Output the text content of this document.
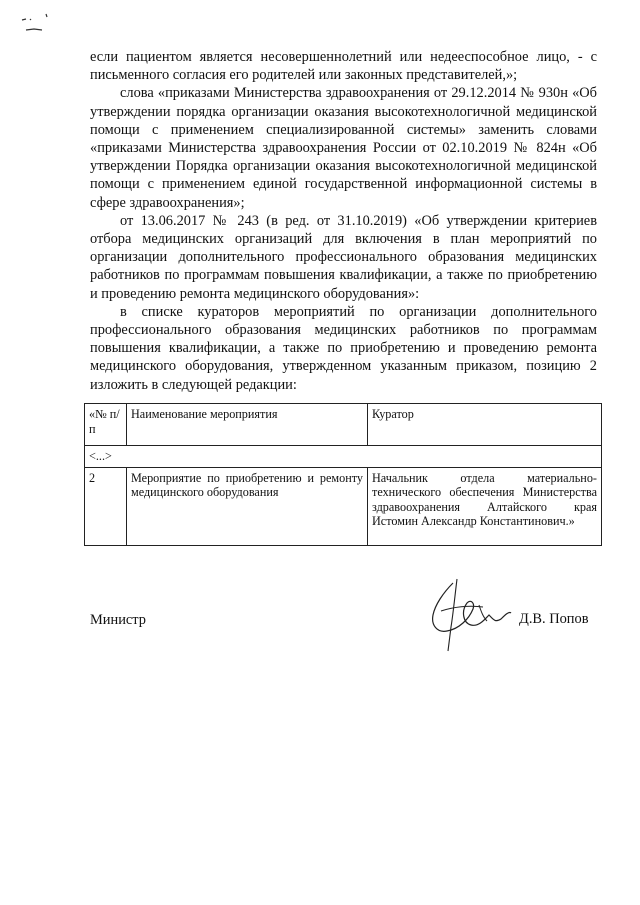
если пациентом является несовершеннолетний или недееспособное лицо, - с письменного согласия его родителей или законных представителей,»;

слова «приказами Министерства здравоохранения от 29.12.2014 № 930н «Об утверждении порядка организации оказания высокотехнологичной медицинской помощи с применением специализированной системы» заменить словами «приказами Министерства здравоохранения России от 02.10.2019 № 824н «Об утверждении Порядка организации оказания высокотехнологичной медицинской помощи с применением единой государственной информационной системы в сфере здравоохранения»;

от 13.06.2017 № 243 (в ред. от 31.10.2019) «Об утверждении критериев отбора медицинских организаций для включения в план мероприятий по организации дополнительного профессионального образования медицинских работников по программам повышения квалификации, а также по приобретению и проведению ремонта медицинского оборудования»:

в списке кураторов мероприятий по организации дополнительного профессионального образования медицинских работников по программам повышения квалификации, а также по приобретению и проведению ремонта медицинского оборудования, утвержденном указанным приказом, позицию 2 изложить в следующей редакции:

«№ п/п	Наименование мероприятия	Куратор
<...>		
2	Мероприятие по приобретению и ремонту медицинского оборудования	Начальник отдела материально-технического обеспечения Министерства здравоохранения Алтайского края Истомин Александр Константинович.»
Министр	Д.В. Попов
